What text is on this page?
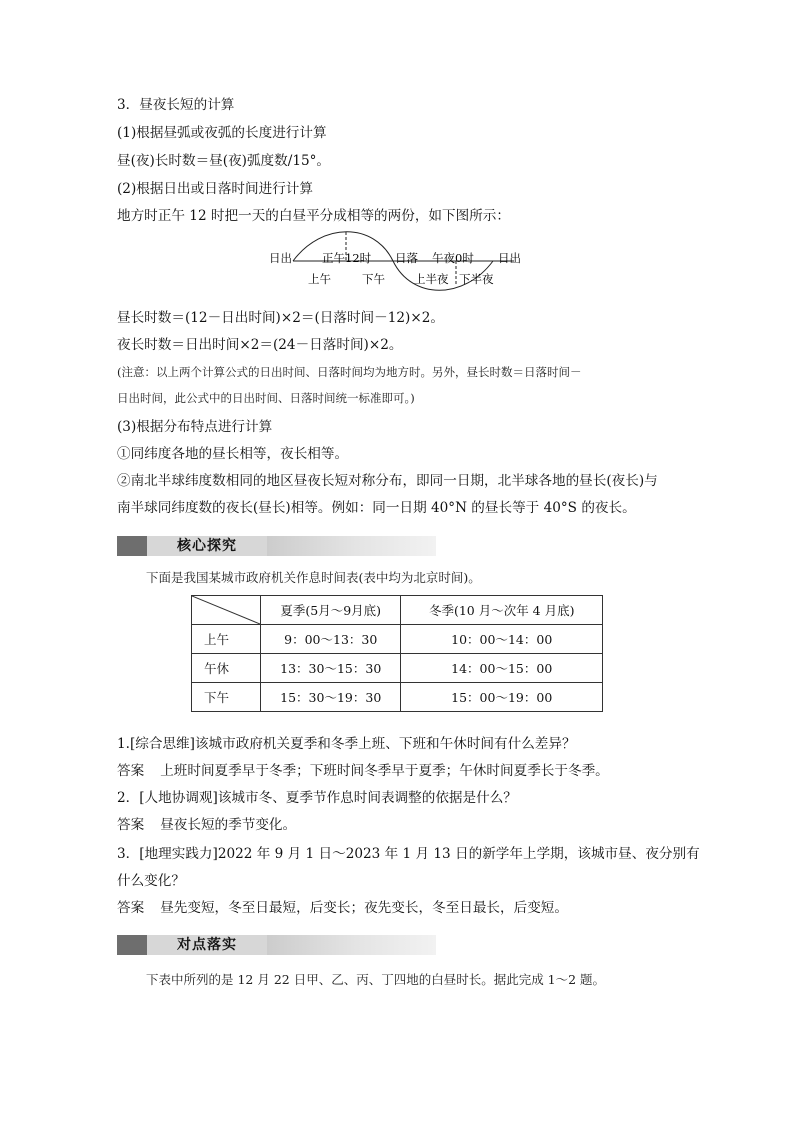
3．昼夜长短的计算
(1)根据昼弧或夜弧的长度进行计算
昼(夜)长时数＝昼(夜)弧度数/15°。
(2)根据日出或日落时间进行计算
地方时正午 12 时把一天的白昼平分成相等的两份，如下图所示：
日出	正午12时 日落 午夜0时 日出
上午	下午	上半夜 下半夜
昼长时数＝(12－日出时间)×2＝(日落时间－12)×2。
夜长时数＝日出时间×2＝(24－日落时间)×2。
(注意：以上两个计算公式的日出时间、日落时间均为地方时。另外，昼长时数＝日落时间－
日出时间，此公式中的日出时间、日落时间统一标准即可。)
(3)根据分布特点进行计算
①同纬度各地的昼长相等，夜长相等。
②南北半球纬度数相同的地区昼夜长短对称分布，即同一日期，北半球各地的昼长(夜长)与
南半球同纬度数的夜长(昼长)相等。例如：同一日期 40°N 的昼长等于 40°S 的夜长。
核心探究
下面是我国某城市政府机关作息时间表(表中均为北京时间)。
	夏季(5月～9月底)	冬季(10 月～次年 4 月底)
上午	9：00～13：30	10：00～14：00
午休	13：30～15：30	14：00～15：00
下午	15：30～19：30	15：00～19：00
1.[综合思维]该城市政府机关夏季和冬季上班、下班和午休时间有什么差异？
答案 上班时间夏季早于冬季；下班时间冬季早于夏季；午休时间夏季长于冬季。
2．[人地协调观]该城市冬、夏季节作息时间表调整的依据是什么？
答案 昼夜长短的季节变化。
3．[地理实践力]2022 年 9 月 1 日～2023 年 1 月 13 日的新学年上学期，该城市昼、夜分别有
什么变化？
答案 昼先变短，冬至日最短，后变长；夜先变长，冬至日最长，后变短。
对点落实
下表中所列的是 12 月 22 日甲、乙、丙、丁四地的白昼时长。据此完成 1～2 题。
